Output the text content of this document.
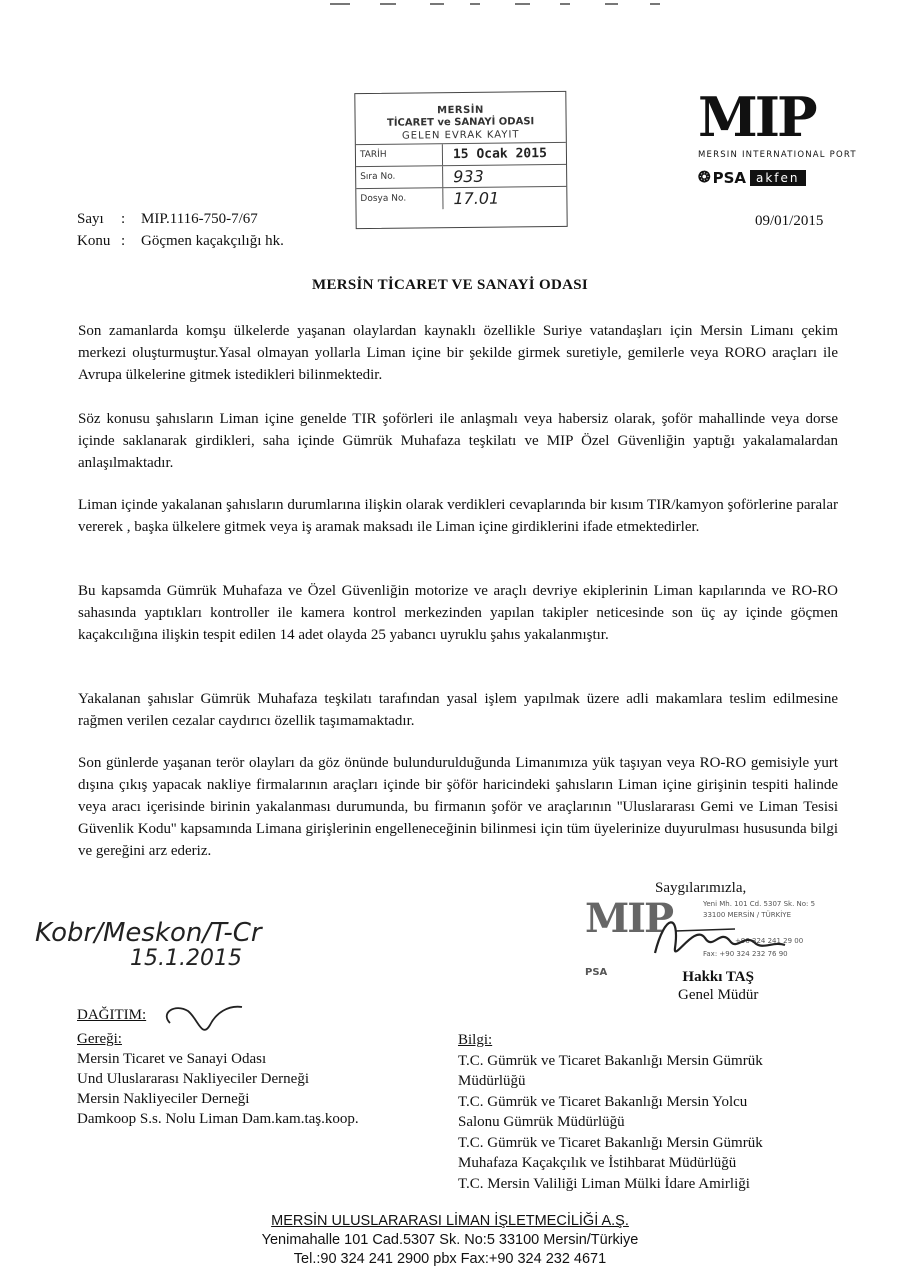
MERSİN
TİCARET ve SANAYİ ODASI
GELEN EVRAK KAYIT
TARİH	15 Ocak 2015
Sıra No.	933
Dosya No.	17.01
MIP
MERSIN INTERNATIONAL PORT
❂ PSA akfen
Sayı	:	MIP.1116-750-7/67
Konu :	Göçmen kaçakçılığı hk.
09/01/2015
MERSİN TİCARET VE SANAYİ ODASI
Son zamanlarda komşu ülkelerde yaşanan olaylardan kaynaklı özellikle Suriye vatandaşları için Mersin Limanı çekim merkezi oluşturmuştur.Yasal olmayan yollarla Liman içine bir şekilde girmek suretiyle, gemilerle veya RORO araçları ile Avrupa ülkelerine gitmek istedikleri bilinmektedir.
Söz konusu şahısların Liman içine genelde TIR şoförleri ile anlaşmalı veya habersiz olarak, şoför mahallinde veya dorse içinde saklanarak girdikleri, saha içinde Gümrük Muhafaza teşkilatı ve MIP Özel Güvenliğin yaptığı yakalamalardan anlaşılmaktadır.
Liman içinde yakalanan şahısların durumlarına ilişkin olarak verdikleri cevaplarında bir kısım TIR/kamyon şoförlerine paralar vererek , başka ülkelere gitmek veya iş aramak maksadı ile Liman içine girdiklerini ifade etmektedirler.
Bu kapsamda Gümrük Muhafaza ve Özel Güvenliğin motorize ve araçlı devriye ekiplerinin Liman kapılarında ve RO-RO sahasında yaptıkları kontroller ile kamera kontrol merkezinden yapılan takipler neticesinde son üç ay içinde göçmen kaçakcılığına ilişkin tespit edilen 14 adet olayda 25 yabancı uyruklu şahıs yakalanmıştır.
Yakalanan şahıslar Gümrük Muhafaza teşkilatı tarafından yasal işlem yapılmak üzere adli makamlara teslim edilmesine rağmen verilen cezalar caydırıcı özellik taşımamaktadır.
Son günlerde yaşanan terör olayları da göz önünde bulundurulduğunda Limanımıza yük taşıyan veya RO-RO gemisiyle yurt dışına çıkış yapacak nakliye firmalarının araçları içinde bir şöför haricindeki şahısların Liman içine girişinin tespiti halinde veya aracı içerisinde birinin yakalanması durumunda, bu firmanın şoför ve araçlarının ''Uluslararası Gemi ve Liman Tesisi Güvenlik Kodu'' kapsamında Limana girişlerinin engelleneceğinin bilinmesi için tüm üyelerinize duyurulması hususunda bilgi ve gereğini arz ederiz.
Saygılarımızla,
MIP	Yeni Mh. 101 Cd. 5307 Sk. No: 5
33100 MERSİN / TÜRKİYE
+90 324 241 29 00
Fax: +90 324 232 76 90
PSA	Hakkı TAŞ
Genel Müdür
Kobr/Meskon/T-Cr
15.1.2015
DAĞITIM:
Gereği:
Mersin Ticaret ve Sanayi Odası
Und Uluslararası Nakliyeciler Derneği
Mersin Nakliyeciler Derneği
Damkoop S.s. Nolu Liman Dam.kam.taş.koop.
Bilgi:
T.C. Gümrük ve Ticaret Bakanlığı Mersin Gümrük
Müdürlüğü
T.C. Gümrük ve Ticaret Bakanlığı Mersin Yolcu
Salonu Gümrük Müdürlüğü
T.C. Gümrük ve Ticaret Bakanlığı Mersin Gümrük
Muhafaza Kaçakçılık ve İstihbarat Müdürlüğü
T.C. Mersin Valiliği Liman Mülki İdare Amirliği
MERSİN ULUSLARARASI LİMAN İŞLETMECİLİĞİ A.Ş.
Yenimahalle 101 Cad.5307 Sk. No:5 33100 Mersin/Türkiye
Tel.:90 324 241 2900 pbx Fax:+90 324 232 4671
